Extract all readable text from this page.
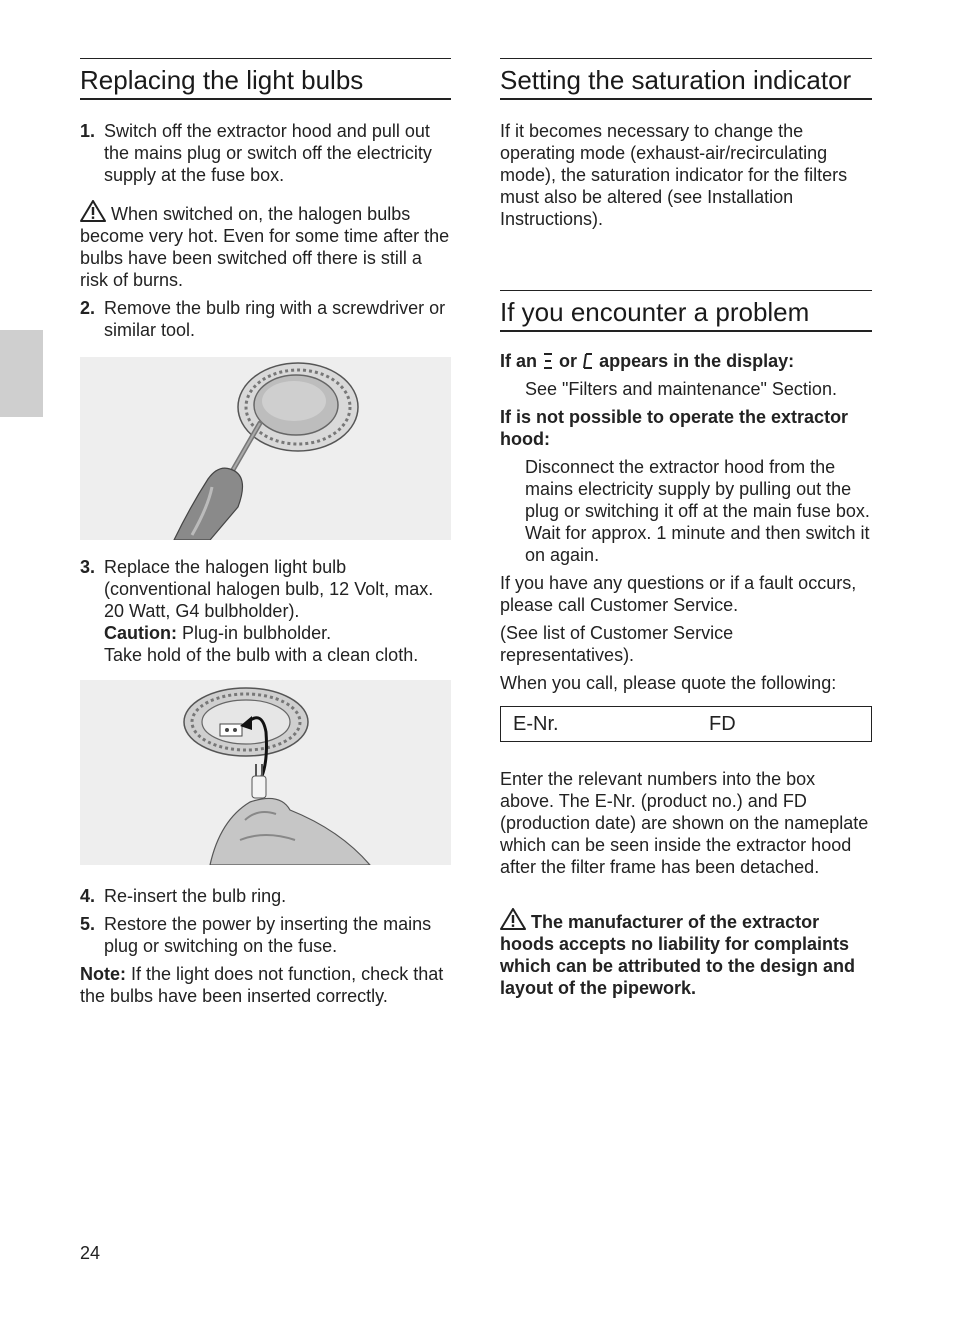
Replacing the light bulbs
1. Switch off the extractor hood and pull out the mains plug or switch off the electricity supply at the fuse box.

When switched on, the halogen bulbs become very hot. Even for some time after the bulbs have been switched off there is still a risk of burns.

2. Remove the bulb ring with a screwdriver or similar tool.
3. Replace the halogen light bulb (conventional halogen bulb, 12 Volt, max. 20 Watt, G4 bulbholder).
Caution: Plug-in bulbholder.
Take hold of the bulb with a clean cloth.
4. Re-insert the bulb ring.
5. Restore the power by inserting the mains plug or switching on the fuse.

Note: If the light does not function, check that the bulbs have been inserted correctly.

Setting the saturation indicator

If it becomes necessary to change the operating mode (exhaust-air/recirculating mode), the saturation indicator for the filters must also be altered (see Installation Instructions).

If you encounter a problem

If an or appears in the display:

See "Filters and maintenance" Section.

If is not possible to operate the extractor hood:

Disconnect the extractor hood from the mains electricity supply by pulling out the plug or switching it off at the main fuse box.
Wait for approx. 1 minute and then switch it on again.

If you have any questions or if a fault occurs, please call Customer Service.

(See list of Customer Service representatives).

When you call, please quote the following:

E-Nr.	FD

Enter the relevant numbers into the box above. The E-Nr. (product no.) and FD (production date) are shown on the nameplate which can be seen inside the extractor hood after the filter frame has been detached.

The manufacturer of the extractor hoods accepts no liability for complaints which can be attributed to the design and layout of the pipework.

24
